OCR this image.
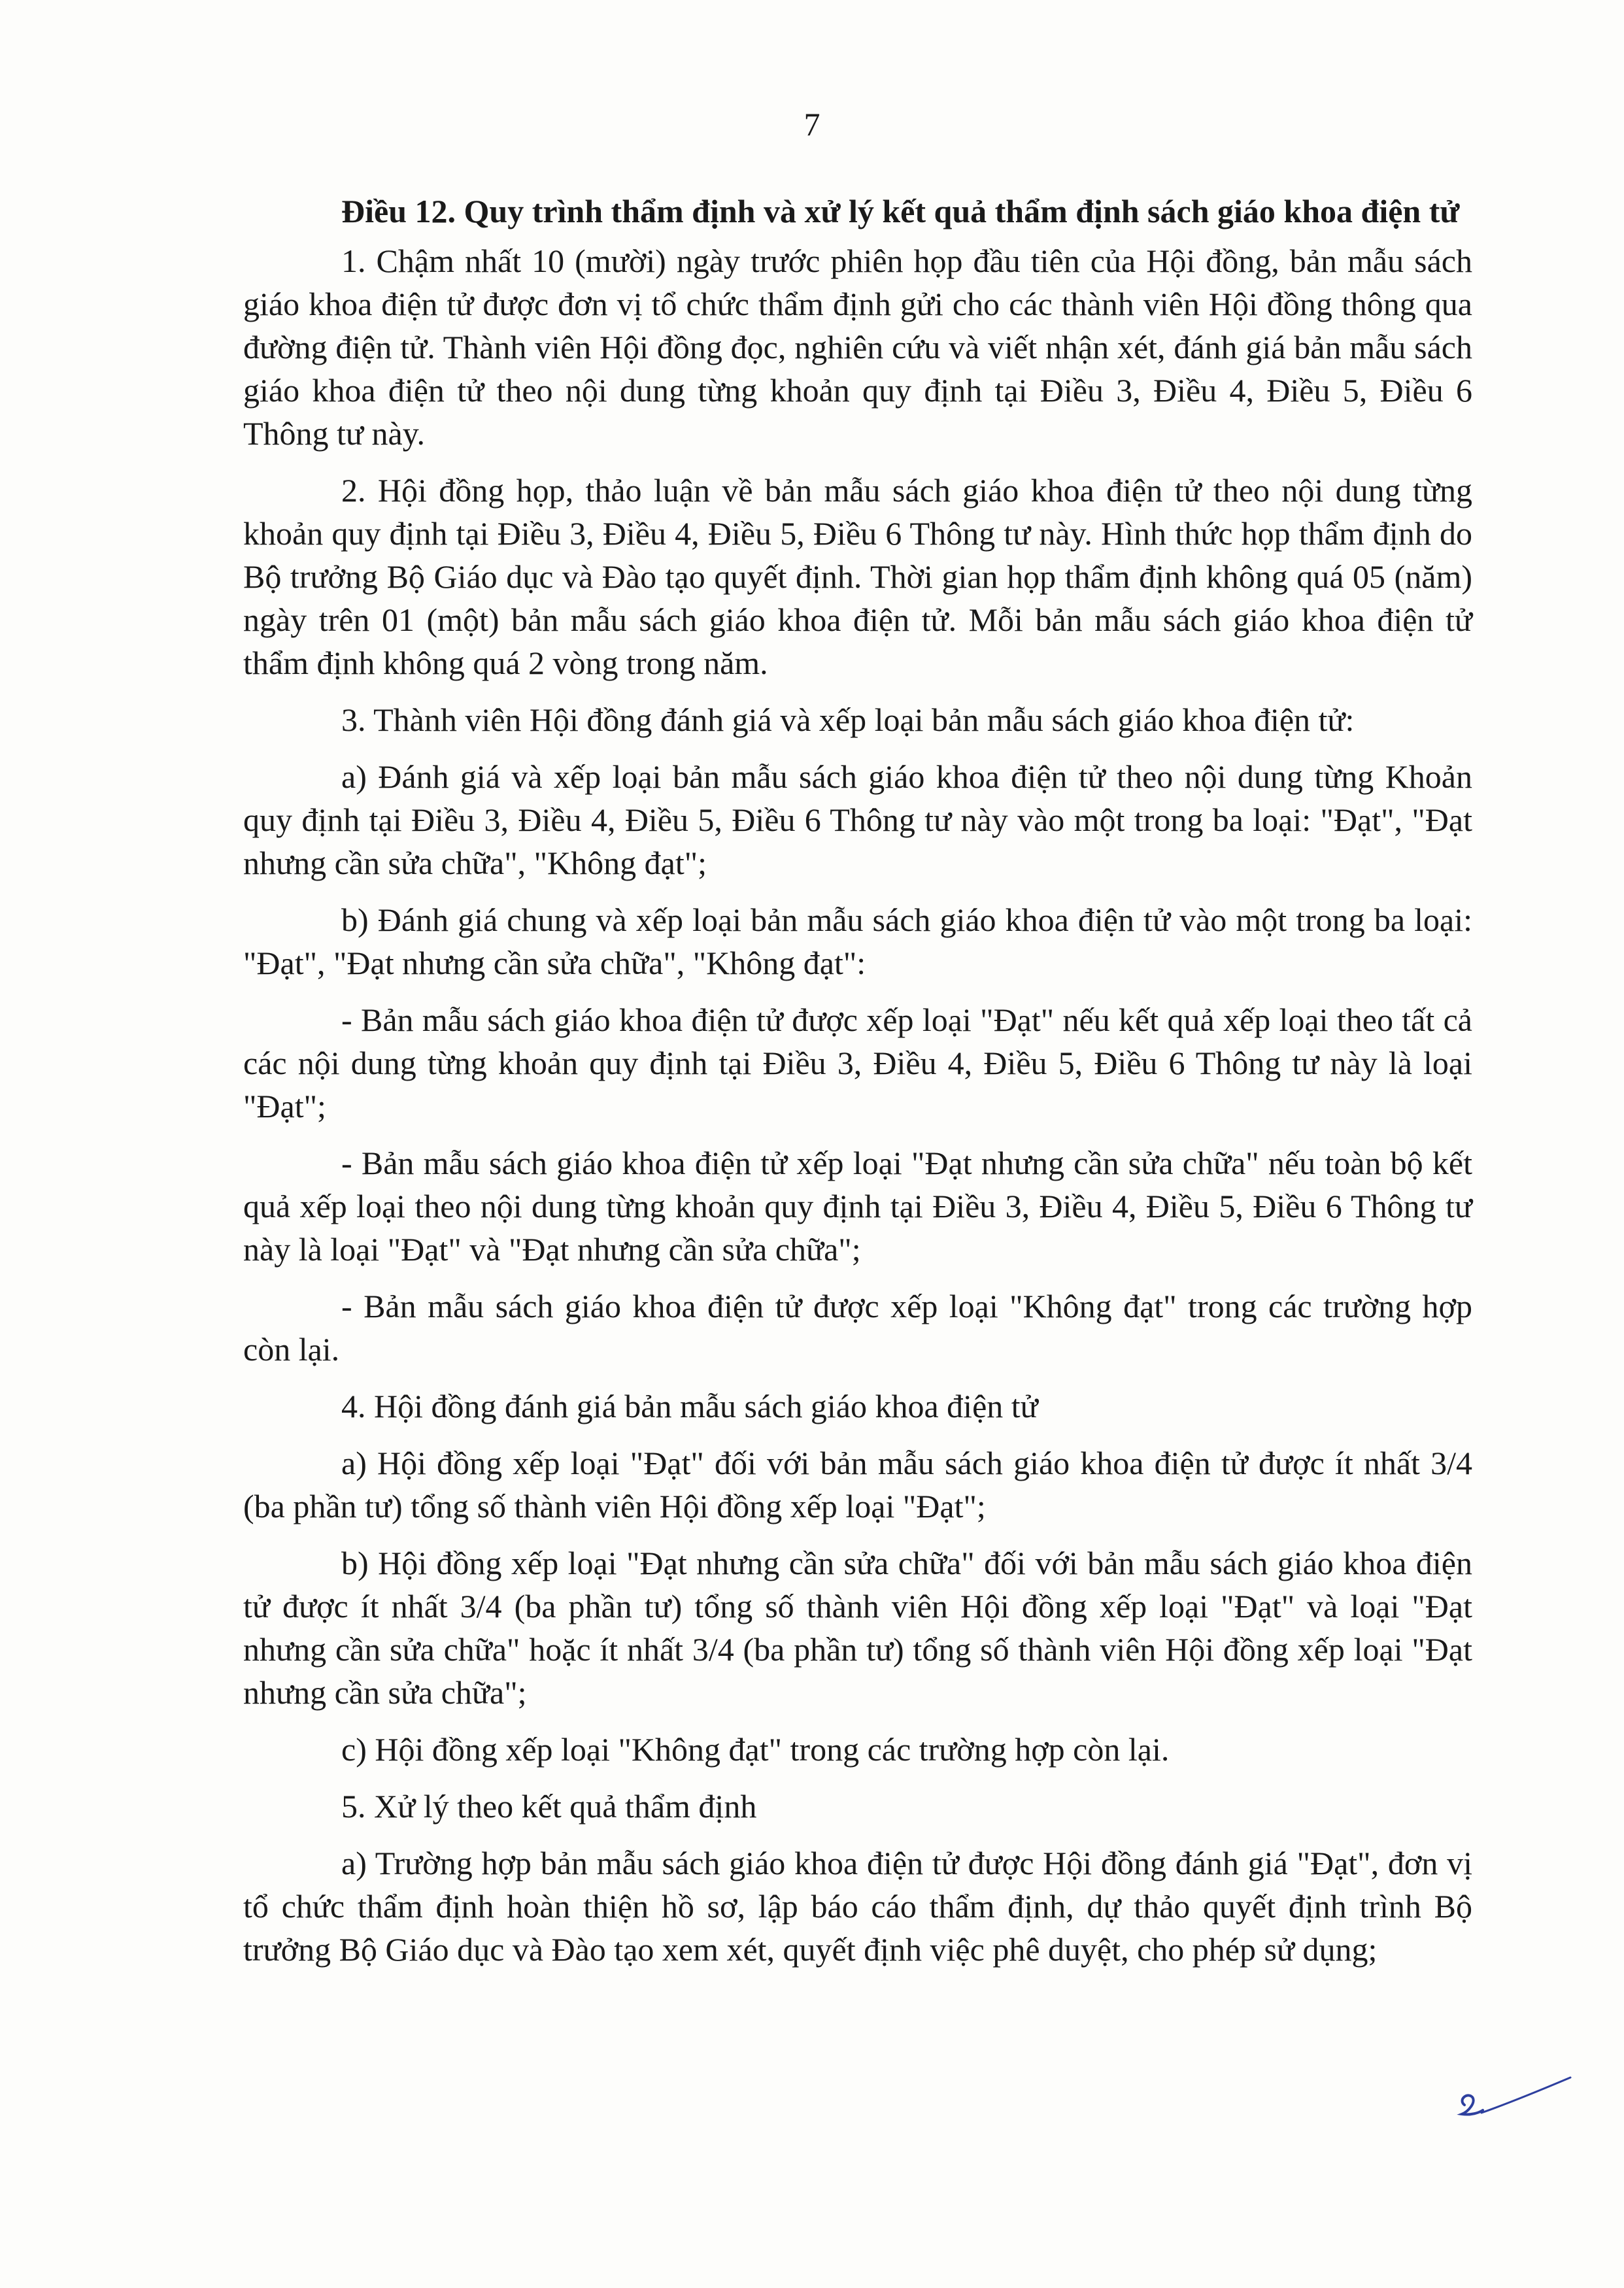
7
Điều 12. Quy trình thẩm định và xử lý kết quả thẩm định sách giáo khoa điện tử
1. Chậm nhất 10 (mười) ngày trước phiên họp đầu tiên của Hội đồng, bản mẫu sách giáo khoa điện tử được đơn vị tổ chức thẩm định gửi cho các thành viên Hội đồng thông qua đường điện tử. Thành viên Hội đồng đọc, nghiên cứu và viết nhận xét, đánh giá bản mẫu sách giáo khoa điện tử theo nội dung từng khoản quy định tại Điều 3, Điều 4, Điều 5, Điều 6 Thông tư này.
2. Hội đồng họp, thảo luận về bản mẫu sách giáo khoa điện tử theo nội dung từng khoản quy định tại Điều 3, Điều 4, Điều 5, Điều 6 Thông tư này. Hình thức họp thẩm định do Bộ trưởng Bộ Giáo dục và Đào tạo quyết định. Thời gian họp thẩm định không quá 05 (năm) ngày trên 01 (một) bản mẫu sách giáo khoa điện tử. Mỗi bản mẫu sách giáo khoa điện tử thẩm định không quá 2 vòng trong năm.
3. Thành viên Hội đồng đánh giá và xếp loại bản mẫu sách giáo khoa điện tử:
a) Đánh giá và xếp loại bản mẫu sách giáo khoa điện tử theo nội dung từng Khoản quy định tại Điều 3, Điều 4, Điều 5, Điều 6 Thông tư này vào một trong ba loại: "Đạt", "Đạt nhưng cần sửa chữa", "Không đạt";
b) Đánh giá chung và xếp loại bản mẫu sách giáo khoa điện tử vào một trong ba loại: "Đạt", "Đạt nhưng cần sửa chữa", "Không đạt":
- Bản mẫu sách giáo khoa điện tử được xếp loại "Đạt" nếu kết quả xếp loại theo tất cả các nội dung từng khoản quy định tại Điều 3, Điều 4, Điều 5, Điều 6 Thông tư này là loại "Đạt";
- Bản mẫu sách giáo khoa điện tử xếp loại "Đạt nhưng cần sửa chữa" nếu toàn bộ kết quả xếp loại theo nội dung từng khoản quy định tại Điều 3, Điều 4, Điều 5, Điều 6 Thông tư này là loại "Đạt" và "Đạt nhưng cần sửa chữa";
- Bản mẫu sách giáo khoa điện tử được xếp loại "Không đạt" trong các trường hợp còn lại.
4. Hội đồng đánh giá bản mẫu sách giáo khoa điện tử
a) Hội đồng xếp loại "Đạt" đối với bản mẫu sách giáo khoa điện tử được ít nhất 3/4 (ba phần tư) tổng số thành viên Hội đồng xếp loại "Đạt";
b) Hội đồng xếp loại "Đạt nhưng cần sửa chữa" đối với bản mẫu sách giáo khoa điện tử được ít nhất 3/4 (ba phần tư) tổng số thành viên Hội đồng xếp loại "Đạt" và loại "Đạt nhưng cần sửa chữa" hoặc ít nhất 3/4 (ba phần tư) tổng số thành viên Hội đồng xếp loại "Đạt nhưng cần sửa chữa";
c) Hội đồng xếp loại "Không đạt" trong các trường hợp còn lại.
5. Xử lý theo kết quả thẩm định
a) Trường hợp bản mẫu sách giáo khoa điện tử được Hội đồng đánh giá "Đạt", đơn vị tổ chức thẩm định hoàn thiện hồ sơ, lập báo cáo thẩm định, dự thảo quyết định trình Bộ trưởng Bộ Giáo dục và Đào tạo xem xét, quyết định việc phê duyệt, cho phép sử dụng;
